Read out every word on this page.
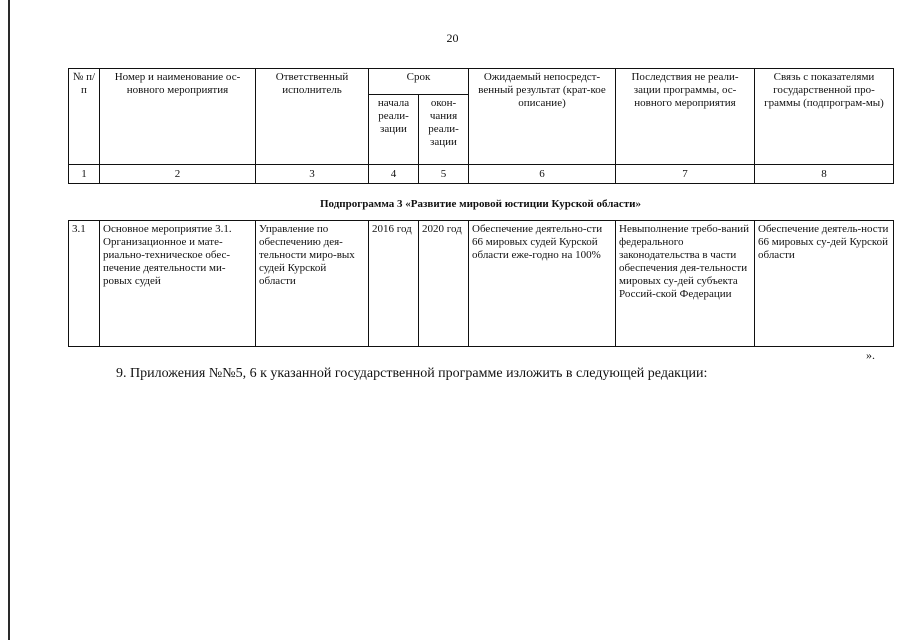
20
№ п/п	Номер и наименование ос-новного мероприятия	Ответственный исполнитель	Срок		Ожидаемый непосредст-венный результат (крат-кое описание)	Последствия не реали-зации программы, ос-новного мероприятия	Связь с показателями государственной про-граммы (подпрограм-мы)
			начала реали-зации	окон-чания реали-зации			
1	2	3	4	5	6	7	8
Подпрограмма 3 «Развитие мировой юстиции Курской области»
3.1	Основное мероприятие 3.1. Организационное и мате-риально-техническое обес-печение деятельности ми-ровых судей	Управление по обеспечению дея-тельности миро-вых судей Курской области	2016 год	2020 год	Обеспечение деятельно-сти 66 мировых судей Курской области еже-годно на 100%	Невыполнение требо-ваний федерального законодательства в части обеспечения дея-тельности мировых су-дей субъекта Россий-ской Федерации	Обеспечение деятель-ности 66 мировых су-дей Курской области
».
9. Приложения №№5, 6 к указанной государственной программе изложить в следующей редакции:
